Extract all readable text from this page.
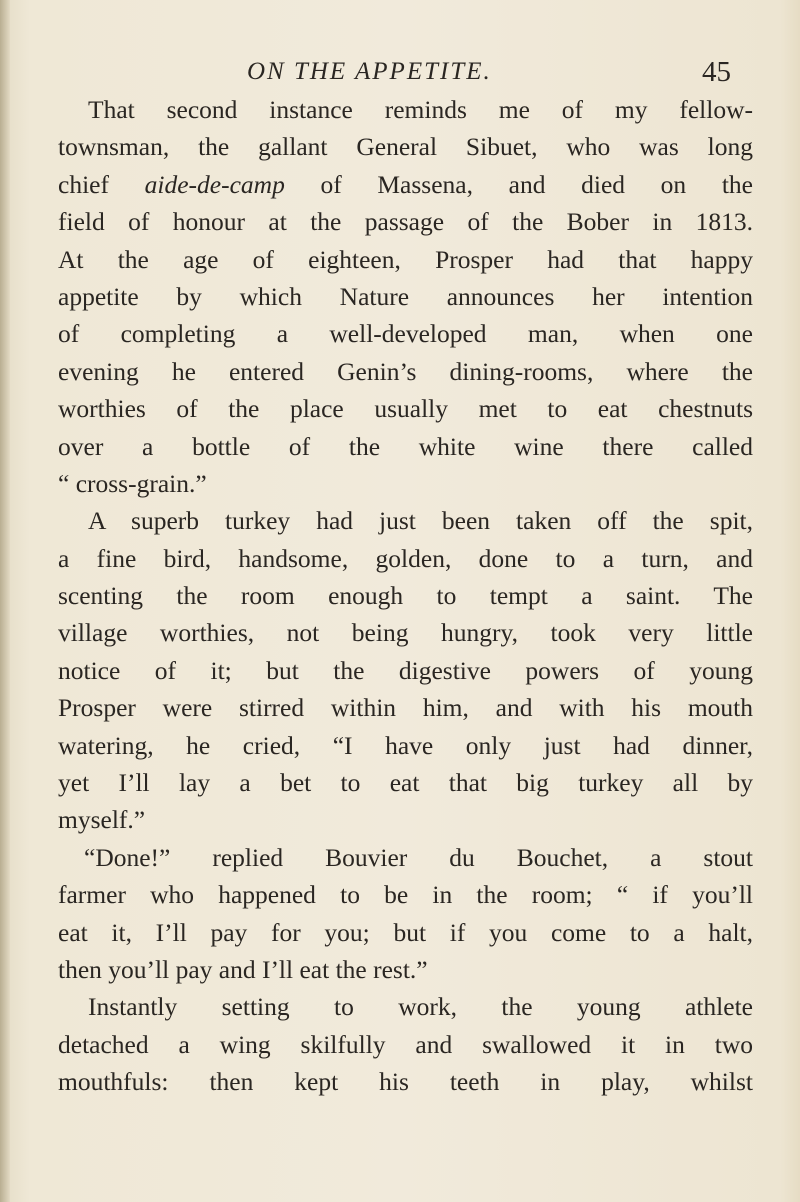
ON THE APPETITE.	45
That second instance reminds me of my fellow-
townsman, the gallant General Sibuet, who was long
chief aide-de-camp of Massena, and died on the
field of honour at the passage of the Bober in 1813.
At the age of eighteen, Prosper had that happy
appetite by which Nature announces her intention
of completing a well-developed man, when one
evening he entered Genin’s dining-rooms, where the
worthies of the place usually met to eat chestnuts
over a bottle of the white wine there called
“ cross-grain.”
A superb turkey had just been taken off the spit,
a fine bird, handsome, golden, done to a turn, and
scenting the room enough to tempt a saint. The
village worthies, not being hungry, took very little
notice of it; but the digestive powers of young
Prosper were stirred within him, and with his mouth
watering, he cried, “I have only just had dinner,
yet I’ll lay a bet to eat that big turkey all by
myself.”
“Done!” replied Bouvier du Bouchet, a stout
farmer who happened to be in the room; “ if you’ll
eat it, I’ll pay for you; but if you come to a halt,
then you’ll pay and I’ll eat the rest.”
Instantly setting to work, the young athlete
detached a wing skilfully and swallowed it in two
mouthfuls: then kept his teeth in play, whilst
